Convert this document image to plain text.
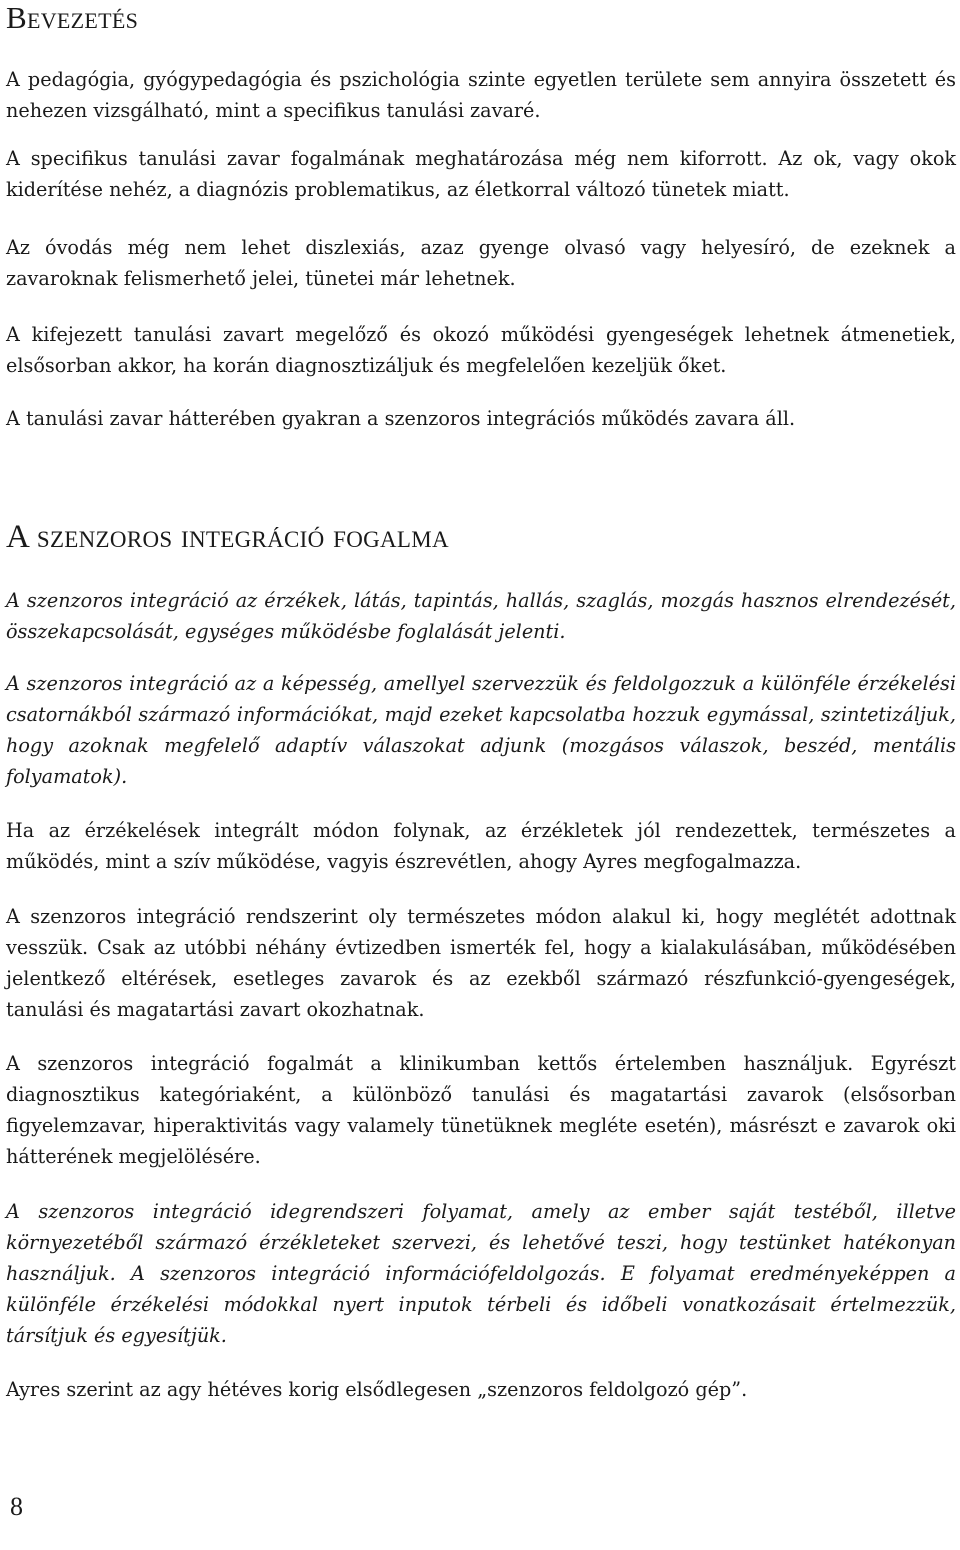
Bevezetés

A pedagógia, gyógypedagógia és pszichológia szinte egyetlen területe sem annyira összetett és nehezen vizsgálható, mint a specifikus tanulási zavaré.

A specifikus tanulási zavar fogalmának meghatározása még nem kiforrott. Az ok, vagy okok kiderítése nehéz, a diagnózis problematikus, az életkorral változó tünetek miatt.

Az óvodás még nem lehet diszlexiás, azaz gyenge olvasó vagy helyesíró, de ezeknek a zavaroknak felismerhető jelei, tünetei már lehetnek.

A kifejezett tanulási zavart megelőző és okozó működési gyengeségek lehetnek átmenetiek, elsősorban akkor, ha korán diagnosztizáljuk és megfelelően kezeljük őket.

A tanulási zavar hátterében gyakran a szenzoros integrációs működés zavara áll.

A szenzoros integráció fogalma

A szenzoros integráció az érzékek, látás, tapintás, hallás, szaglás, mozgás hasznos elrendezését, összekapcsolását, egységes működésbe foglalását jelenti.

A szenzoros integráció az a képesség, amellyel szervezzük és feldolgozzuk a különféle érzékelési csatornákból származó információkat, majd ezeket kapcsolatba hozzuk egymással, szintetizáljuk, hogy azoknak megfelelő adaptív válaszokat adjunk (mozgásos válaszok, beszéd, mentális folyamatok).

Ha az érzékelések integrált módon folynak, az érzékletek jól rendezettek, természetes a működés, mint a szív működése, vagyis észrevétlen, ahogy Ayres megfogalmazza.

A szenzoros integráció rendszerint oly természetes módon alakul ki, hogy meglétét adottnak vesszük. Csak az utóbbi néhány évtizedben ismerték fel, hogy a kialakulásában, működésében jelentkező eltérések, esetleges zavarok és az ezekből származó részfunkció-gyengeségek, tanulási és magatartási zavart okozhatnak.

A szenzoros integráció fogalmát a klinikumban kettős értelemben használjuk. Egyrészt diagnosztikus kategóriaként, a különböző tanulási és magatartási zavarok (elsősorban figyelemzavar, hiperaktivitás vagy valamely tünetüknek megléte esetén), másrészt e zavarok oki hátterének megjelölésére.

A szenzoros integráció idegrendszeri folyamat, amely az ember saját testéből, illetve környezetéből származó érzékleteket szervezi, és lehetővé teszi, hogy testünket hatékonyan használjuk. A szenzoros integráció információfeldolgozás. E folyamat eredményeképpen a különféle érzékelési módokkal nyert inputok térbeli és időbeli vonatkozásait értelmezzük, társítjuk és egyesítjük.

Ayres szerint az agy hétéves korig elsődlegesen „szenzoros feldolgozó gép”.

8
